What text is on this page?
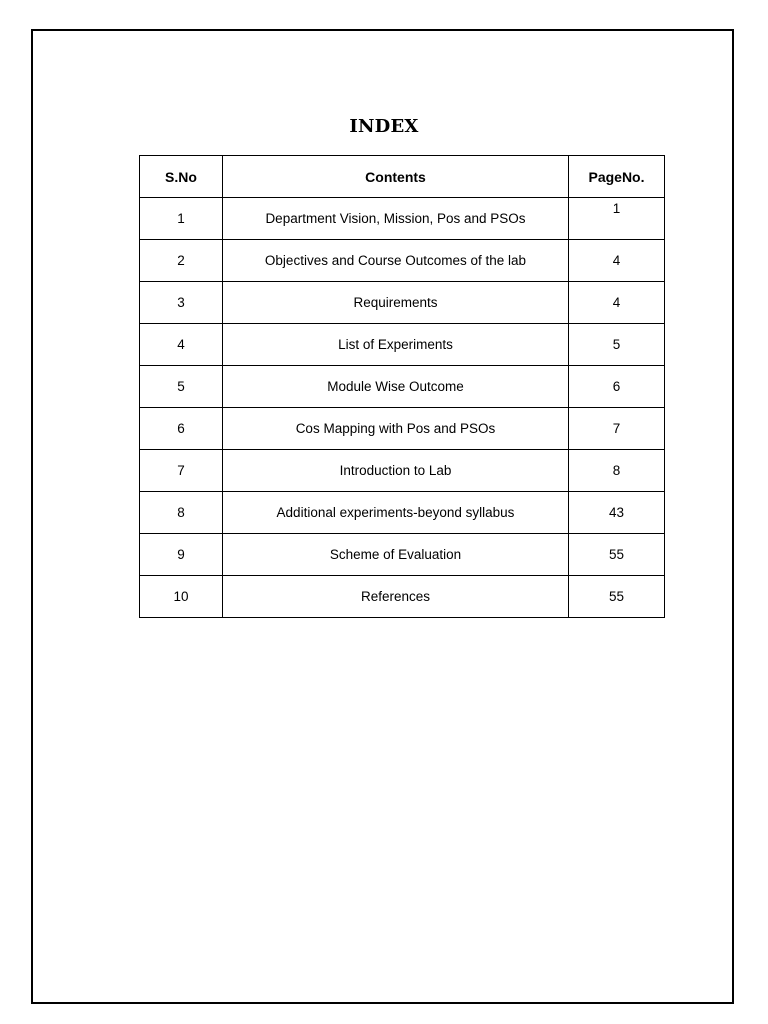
INDEX
S.No	Contents	PageNo.
1	Department Vision, Mission, Pos and PSOs	1
2	Objectives and Course Outcomes of the lab	4
3	Requirements	4
4	List of Experiments	5
5	Module Wise Outcome	6
6	Cos Mapping with Pos and PSOs	7
7	Introduction to Lab	8
8	Additional experiments-beyond syllabus	43
9	Scheme of Evaluation	55
10	References	55
